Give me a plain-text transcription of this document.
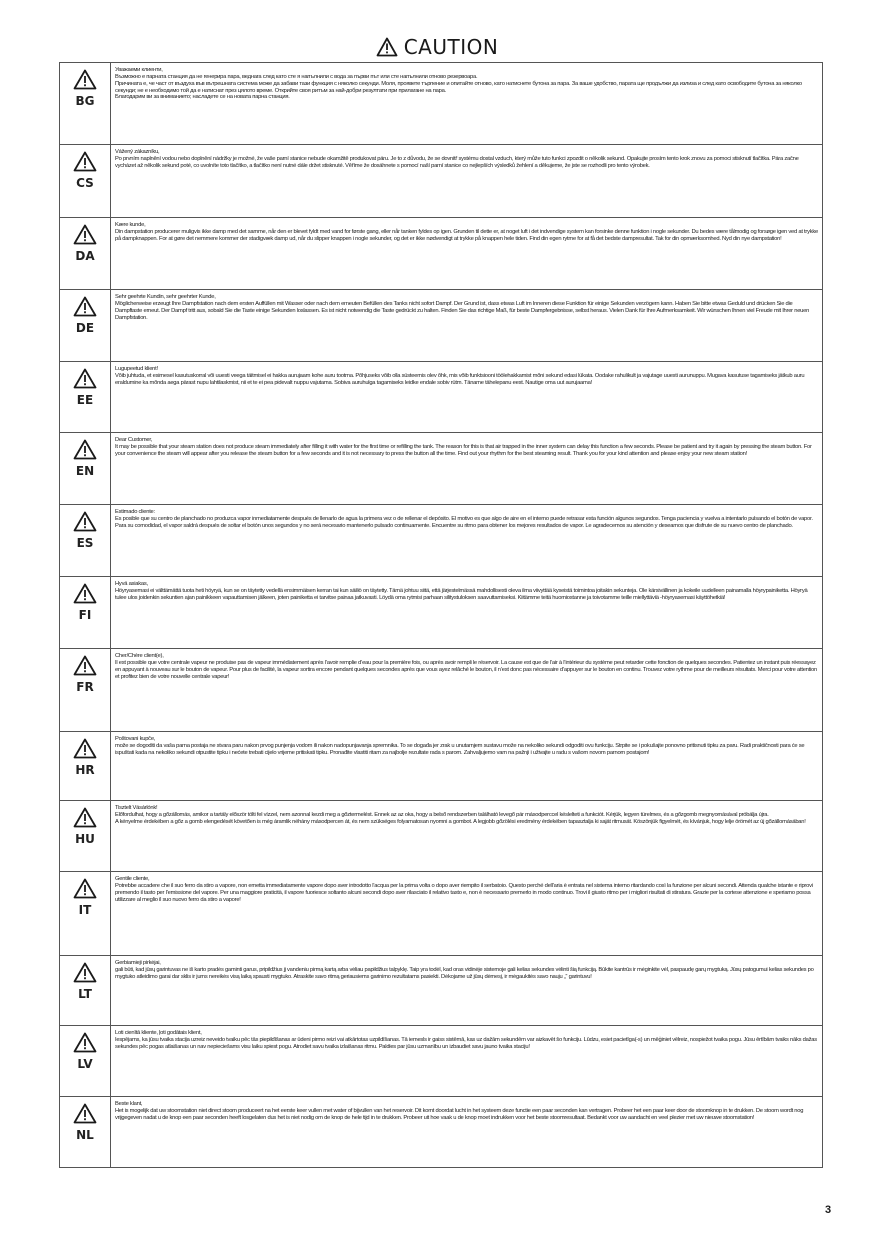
CAUTION
BG
Уважаеми клиенти,
Възможно е парната станция да не генерира пара, веднага след като сте я напълнили с вода за първи път или сте напълнили отново резервоара.
Причината е, че част от въздуха във вътрешната система може да забави тази функция с няколко секунди. Моля, проявете търпение и опитайте отново, като натиснете бутона за пара. За ваше удобство, парата ще продължи да излиза и след като освободите бутона за няколко секунди; не е необходимо той да е натиснат през цялото време. Открийте своя ритъм за най-добри резултати при прилагане на пара.
Благодарим ви за вниманието; насладете се на новата парна станция.
CS
Vážený zákazníku,
Po prvním naplnění vodou nebo doplnění nádržky je možné, že vaše parní stanice nebude okamžitě produkovat páru. Je to z důvodu, že se dovnitř systému dostal vzduch, který může tuto funkci zpozdit o několik sekund. Opakujte prosím tento krok znovu za pomoci stisknutí tlačítka. Pára začne vycházet až několik sekund poté, co uvolníte toto tlačítko, a tlačítko není nutné dále držet stisknuté. Věříme že dosáhnete s pomocí naší parní stanice co nejlepších výsledků žehlení a děkujeme, že jste se rozhodli pro tento výrobek.
DA
Kære kunde,
Din dampstation producerer muligvis ikke damp med det samme, når den er blevet fyldt med vand for første gang, eller når tanken fyldes op igen. Grunden til dette er, at noget luft i det indvendige system kan forsinke denne funktion i nogle sekunder. Du bedes være tålmodig og forsøge igen ved at trykke på dampknappen. For at gøre det nemmere kommer der stadigvæk damp ud, når du slipper knappen i nogle sekunder, og det er ikke nødvendigt at trykke på knappen hele tiden. Find din egen rytme for at få det bedste dampresultat. Tak for din opmærksomhed. Nyd din nye dampstation!
DE
Sehr geehrte Kundin, sehr geehrter Kunde,
Möglicherweise erzeugt Ihre Dampfstation nach dem ersten Auffüllen mit Wasser oder nach dem erneuten Befüllen des Tanks nicht sofort Dampf. Der Grund ist, dass etwas Luft im Inneren diese Funktion für einige Sekunden verzögern kann. Haben Sie bitte etwas Geduld und drücken Sie die Dampftaste erneut. Der Dampf tritt aus, sobald Sie die Taste einige Sekunden loslassen. Es ist nicht notwendig die Taste gedrückt zu halten. Finden Sie das richtige Maß, für beste Dampfergebnisse, selbst heraus. Vielen Dank für Ihre Aufmerksamkeit. Wir wünschen Ihnen viel Freude mit Ihrer neuen Dampfstation.
EE
Lugupeetud klient!
Võib juhtuda, et esimesel kasutuskorral või uuesti veega täitmisel ei hakka aurujaam kohe auru tootma. Põhjuseks võib olla süsteemis olev õhk, mis võib funktsiooni töölehakkamist mõni sekund edasi lükata. Oodake rahulikult ja vajutage uuesti aurunuppu. Mugava kasutuse tagamiseks jätkub auru eraldumine ka mõnda aega pärast nupu lahtilaskmist, nii et te ei pea pidevalt nuppu vajutama. Sobiva auruhulga tagamiseks leidke endale sobiv rütm. Täname tähelepanu eest. Nautige oma uut aurujaama!
EN
Dear Customer,
It may be possible that your steam station does not produce steam immediately after filling it with water for the first time or refilling the tank. The reason for this is that air trapped in the inner system can delay this function a few seconds. Please be patient and try it again by pressing the steam button. For your convenience the steam will appear after you release the steam button for a few seconds and it is not necessary to press the button all the time. Find out your rhythm for the best steaming result. Thank you for your kind attention and please enjoy your new steam station!
ES
Estimado cliente:
Es posible que su centro de planchado no produzca vapor inmediatamente después de llenarlo de agua la primera vez o de rellenar el depósito. El motivo es que algo de aire en el interno puede retrasar esta función algunos segundos. Tenga paciencia y vuelva a intentarlo pulsando el botón de vapor.
Para su comodidad, el vapor saldrá después de soltar el botón unos segundos y no será necesario mantenerlo pulsado continuamente. Encuentre su ritmo para obtener los mejores resultados de vapor. Le agradecemos su atención y deseamos que disfrute de su nuevo centro de planchado.
FI
Hyvä asiakas,
Höyryasemasi ei välttämättä tuota heti höyryä, kun se on täytetty vedellä ensimmäisen kerran tai kun säiliö on täytetty. Tämä johtuu siitä, että järjestelmässä mahdollisesti oleva ilma viivyttää kyseistä toimintoa joitakin sekunteja. Ole kärsivällinen ja kokeile uudelleen painamalla höyrypainiketta. Höyryä tulee ulos joidenkin sekuntien ajan painikkeen vapauttamisen jälkeen, joten painiketta ei tarvitse painaa jatkuvasti. Löydä oma rytmisi parhaan silitystuloksen saavuttamiseksi. Kiitämme teitä huomiostanne ja toivotamme teille miellyttäviä -höyryasemasi käyttöhetkiä!
FR
Cher/Chère client(e),
Il est possible que votre centrale vapeur ne produise pas de vapeur immédiatement après l’avoir remplie d’eau pour la première fois, ou après avoir rempli le réservoir. La cause est que de l’air à l’intérieur du système peut retarder cette fonction de quelques secondes. Patientez un instant puis réessayez en appuyant à nouveau sur le bouton de vapeur. Pour plus de facilité, la vapeur sortira encore pendant quelques secondes après que vous ayez relâché le bouton, il n’est donc pas nécessaire d’appuyer sur le bouton en continu. Trouvez votre rythme pour de meilleurs résultats. Merci pour votre attention et profitez bien de votre nouvelle centrale vapeur!
HR
Poštovani kupče,
može se dogoditi da vaša parna postaja ne stvara paru nakon prvog punjenja vodom ili nakon nadopunjavanja spremnika. To se događa jer zrak u unutarnjem sustavu može na nekoliko sekundi odgoditi ovu funkciju. Strpite se i pokušajte ponovno pritisnuti tipku za paru. Radi praktičnosti para će se ispuštati kada na nekoliko sekundi otpustite tipku i nećete trebati cijelo vrijeme pritiskati tipku. Pronađite vlastiti ritam za najbolje rezultate rada s parom. Zahvaljujemo vam na pažnji i uživajte u radu s vašom novom parnom postajom!
HU
Tisztelt Vásárlónk!
Előfordulhat, hogy a gőzállomás, amikor a tartály először tölti fel vízzel, nem azonnal kezdi meg a gőztermelést. Ennek az az oka, hogy a belső rendszerben található levegő pár másodperccel késlelteti a funkciót. Kérjük, legyen türelmes, és a gőzgomb megnyomásával próbálja újra.
A kényelme érdekében a gőz a gomb elengedését követően is még áramlik néhány másodpercen át, és nem szükséges folyamatosan nyomni a gombot. A legjobb gőzölési eredmény érdekében tapasztalja ki saját ritmusát. Köszönjük figyelmét, és kívánjuk, hogy lelje örömét az új gőzállomásában!
IT
Gentile cliente,
Potrebbe accadere che il suo ferro da stiro a vapore, non emetta immediatamente vapore dopo aver introdotto l’acqua per la prima volta o dopo aver riempito il serbatoio. Questo perché dell’aria è entrata nel sistema interno ritardando così la funzione per alcuni secondi. Attenda qualche istante e riprovi premendo il tasto per l’emissione del vapore. Per una maggiore praticità, il vapore fuoriesce soltanto alcuni secondi dopo aver rilasciato il relativo tasto e, non è necessario premerlo in modo continuo. Trovi il giusto ritmo per i migliori risultati di stiratura. Grazie per la cortese attenzione e speriamo possa utilizzare al meglio il suo nuovo ferro da stiro a vapore!
LT
Gerbiamieji pirkėjai,
gali būti, kad jūsų garintuvas ne iš karto pradės gaminti garus, pripildžius jį vandeniu pirmą kartą arba vėliau papildžius talpyklę. Taip yra todėl, kad oras vidinėje sistemoje gali kelias sekundes vėlinti šią funkciją. Būkite kantrūs ir mėginkite vėl, paspaudę garų mygtuką. Jūsų patogumui kelias sekundes po mygtuko atleidimo garai dar sklis ir jums nereikės visą laiką spausti mygtuko. Atraskite savo ritmą geriausiems garinimo rezultatams pasiekti. Dėkojame už jūsų dėmesį, ir mėgaukitės savo nauju „“ garintuvu!
LV
Loti cienītā kliente, ļoti godātais klient,
Iespējams, ka jūsu tvaika stacija uzreiz neveido tvaiku pēc tās piepildīšanas ar ūdeni pirmo reizi vai atkārtotas uzpildīšanas. Tā iemesls ir gaiss sistēmā, kas uz dažām sekundēm var aizkavēt šo funkciju. Lūdzu, esiet pacietīga(-s) un mēģiniet vēlreiz, nospiežot tvaika pogu. Jūsu ērtībām tvaiks nāks dažas sekundes pēc pogas atlaišanas un nav nepieciešams visu laiku spiest pogu. Atrodiet savu tvaika izlaišanas ritmu. Paldies par jūsu uzmanību un izbaudiet savu jauno tvaika staciju!
NL
Beste klant,
Het is mogelijk dat uw stoomstation niet direct stoom produceert na het eerste keer vullen met water of bijvullen van het reservoir. Dit komt doordat lucht in het systeem deze functie een paar seconden kan vertragen. Probeer het een paar keer door de stoomknop in te drukken. De stoom wordt nog vrijgegeven nadat u de knop een paar seconden heeft losgelaten dus het is niet nodig om de knop de hele tijd in te drukken. Probeer uit hoe vaak u de knop moet indrukken voor het beste stoomresultaat. Bedankt voor uw aandacht en veel plezier met uw nieuwe stoomstation!
3
